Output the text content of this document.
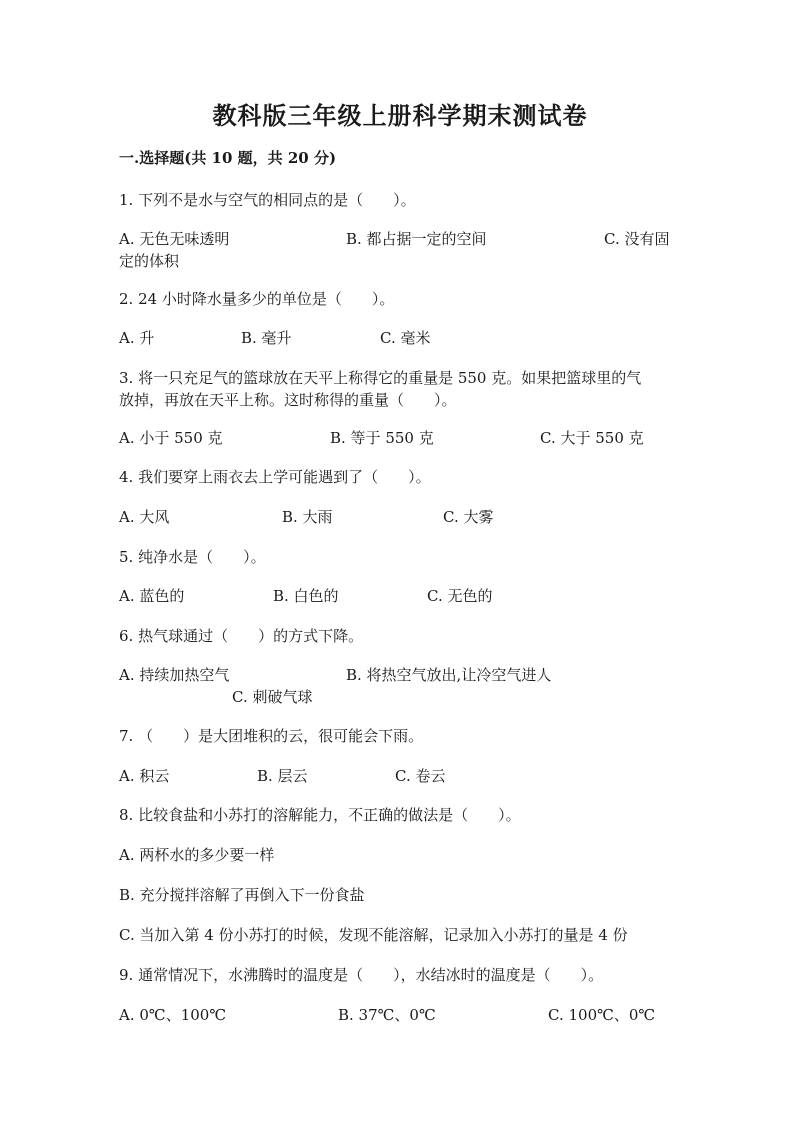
教科版三年级上册科学期末测试卷
一.选择题(共 10 题，共 20 分)
1. 下列不是水与空气的相同点的是（　　）。
A. 无色无味透明	B. 都占据一定的空间	C. 没有固
定的体积
2. 24 小时降水量多少的单位是（　　）。
A. 升	B. 毫升	C. 毫米
3. 将一只充足气的篮球放在天平上称得它的重量是 550 克。如果把篮球里的气
放掉，再放在天平上称。这时称得的重量（　　）。
A. 小于 550 克	B. 等于 550 克	C. 大于 550 克
4. 我们要穿上雨衣去上学可能遇到了（　　）。
A. 大风	B. 大雨	C. 大雾
5. 纯净水是（　　）。
A. 蓝色的	B. 白色的	C. 无色的
6. 热气球通过（　　）的方式下降。
A. 持续加热空气	B. 将热空气放出,让冷空气进人
C. 刺破气球
7. （　　）是大团堆积的云，很可能会下雨。
A. 积云	B. 层云	C. 卷云
8. 比较食盐和小苏打的溶解能力，不正确的做法是（　　）。
A. 两杯水的多少要一样
B. 充分搅拌溶解了再倒入下一份食盐
C. 当加入第 4 份小苏打的时候，发现不能溶解，记录加入小苏打的量是 4 份
9. 通常情况下，水沸腾时的温度是（　　），水结冰时的温度是（　　）。
A. 0℃、100℃	B. 37℃、0℃	C. 100℃、0℃
